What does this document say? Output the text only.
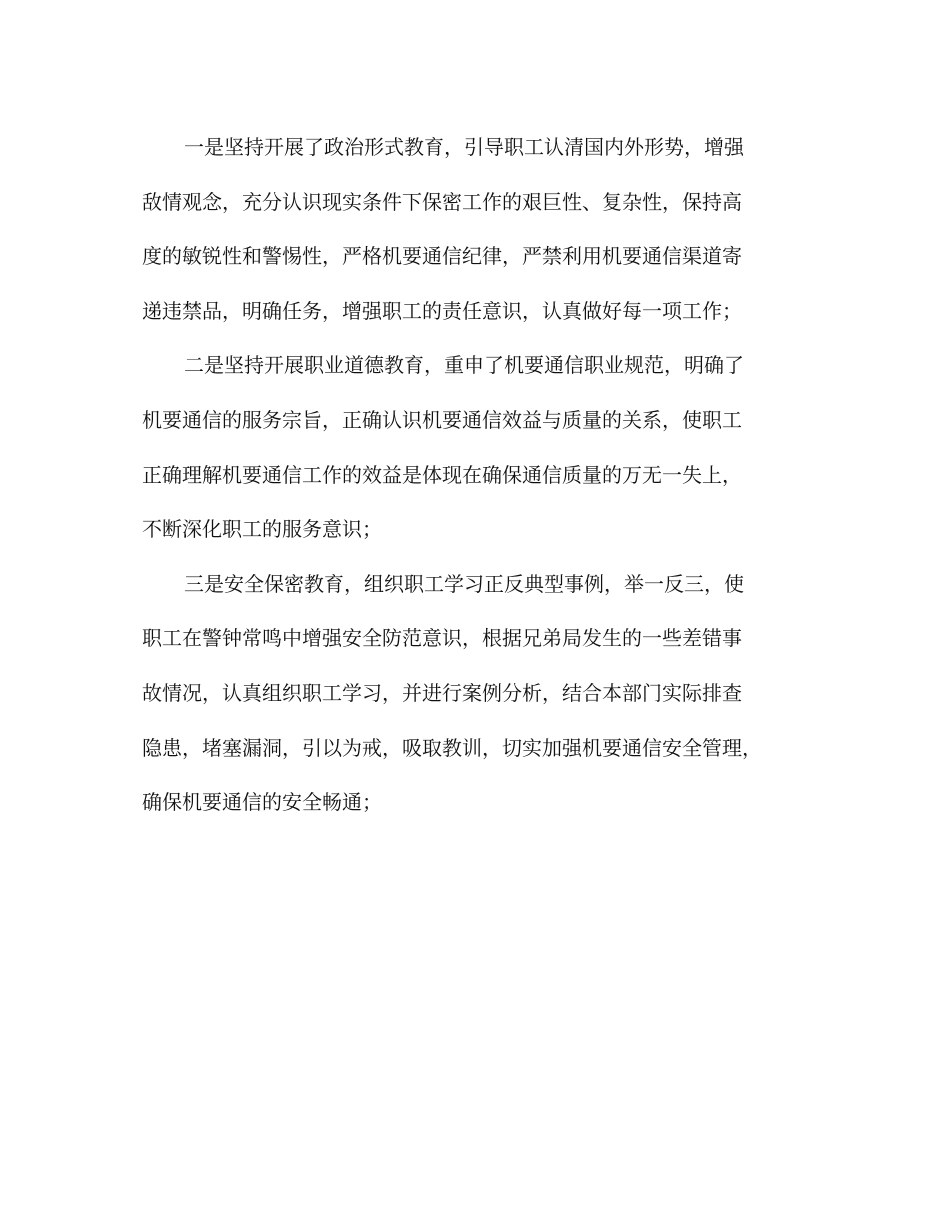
一是坚持开展了政治形式教育，引导职工认清国内外形势，增强
敌情观念，充分认识现实条件下保密工作的艰巨性、复杂性，保持高
度的敏锐性和警惕性，严格机要通信纪律，严禁利用机要通信渠道寄
递违禁品，明确任务，增强职工的责任意识，认真做好每一项工作；

二是坚持开展职业道德教育，重申了机要通信职业规范，明确了
机要通信的服务宗旨，正确认识机要通信效益与质量的关系，使职工
正确理解机要通信工作的效益是体现在确保通信质量的万无一失上，
不断深化职工的服务意识；

三是安全保密教育，组织职工学习正反典型事例，举一反三，使
职工在警钟常鸣中增强安全防范意识，根据兄弟局发生的一些差错事
故情况，认真组织职工学习，并进行案例分析，结合本部门实际排查
隐患，堵塞漏洞，引以为戒，吸取教训，切实加强机要通信安全管理，
确保机要通信的安全畅通；
